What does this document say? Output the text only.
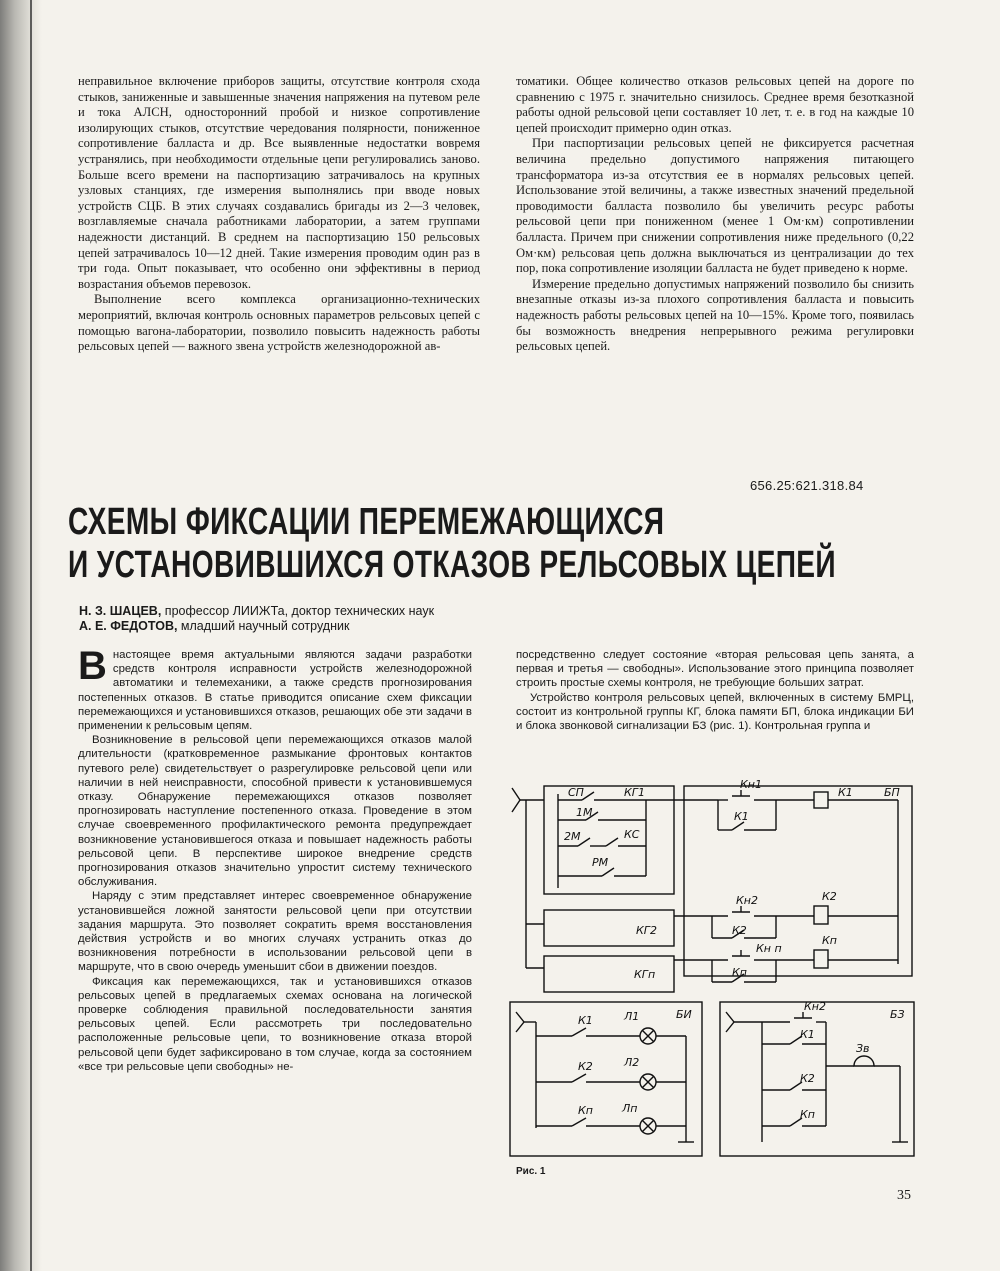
неправильное включение приборов защиты, отсутствие контроля схода стыков, заниженные и завышенные значения напряжения на путевом реле и тока АЛСН, односторонний пробой и низкое сопротивление изолирующих стыков, отсутствие чередования полярности, пониженное сопротивление балласта и др. Все выявленные недостатки вовремя устранялись, при необходимости отдельные цепи регулировались заново. Больше всего времени на паспортизацию затрачивалось на крупных узловых станциях, где измерения выполнялись при вводе новых устройств СЦБ. В этих случаях создавались бригады из 2—3 человек, возглавляемые сначала работниками лаборатории, а затем группами надежности дистанций. В среднем на паспортизацию 150 рельсовых цепей затрачивалось 10—12 дней. Такие измерения проводим один раз в три года. Опыт показывает, что особенно они эффективны в период возрастания объемов перевозок.

Выполнение всего комплекса организационно-технических мероприятий, включая контроль основных параметров рельсовых цепей с помощью вагона-лаборатории, позволило повысить надежность работы рельсовых цепей — важного звена устройств железнодорожной ав-

томатики. Общее количество отказов рельсовых цепей на дороге по сравнению с 1975 г. значительно снизилось. Среднее время безотказной работы одной рельсовой цепи составляет 10 лет, т. е. в год на каждые 10 цепей происходит примерно один отказ.

При паспортизации рельсовых цепей не фиксируется расчетная величина предельно допустимого напряжения питающего трансформатора из-за отсутствия ее в нормалях рельсовых цепей. Использование этой величины, а также известных значений предельной проводимости балласта позволило бы увеличить ресурс работы рельсовой цепи при пониженном (менее 1 Ом·км) сопротивлении балласта. Причем при снижении сопротивления ниже предельного (0,22 Ом·км) рельсовая цепь должна выключаться из централизации до тех пор, пока сопротивление изоляции балласта не будет приведено к норме.

Измерение предельно допустимых напряжений позволило бы снизить внезапные отказы из-за плохого сопротивления балласта и повысить надежность работы рельсовых цепей на 10—15%. Кроме того, появилась бы возможность внедрения непрерывного режима регулировки рельсовых цепей.

656.25:621.318.84
СХЕМЫ ФИКСАЦИИ ПЕРЕМЕЖАЮЩИХСЯ
И УСТАНОВИВШИХСЯ ОТКАЗОВ РЕЛЬСОВЫХ ЦЕПЕЙ
Н. З. ШАЦЕВ, профессор ЛИИЖТа, доктор технических наук
А. Е. ФЕДОТОВ, младший научный сотрудник

Внастоящее время актуальными являются задачи разработки средств контроля исправности устройств железнодорожной автоматики и телемеханики, а также средств прогнозирования постепенных отказов. В статье приводится описание схем фиксации перемежающихся и установившихся отказов, решающих обе эти задачи в применении к рельсовым цепям.

Возникновение в рельсовой цепи перемежающихся отказов малой длительности (кратковременное размыкание фронтовых контактов путевого реле) свидетельствует о разрегулировке рельсовой цепи или наличии в ней неисправности, способной привести к установившемуся отказу. Обнаружение перемежающихся отказов позволяет прогнозировать наступление постепенного отказа. Проведение в этом случае своевременного профилактического ремонта предупреждает возникновение установившегося отказа и повышает надежность работы рельсовой цепи. В перспективе широкое внедрение средств прогнозирования отказов значительно упростит систему технического обслуживания.

Наряду с этим представляет интерес своевременное обнаружение установившейся ложной занятости рельсовой цепи при отсутствии задания маршрута. Это позволяет сократить время восстановления действия устройств и во многих случаях устранить отказ до возникновения потребности в использовании рельсовой цепи в маршруте, что в свою очередь уменьшит сбои в движении поездов.

Фиксация как перемежающихся, так и установившихся отказов рельсовых цепей в предлагаемых схемах основана на логической проверке соблюдения правильной последовательности занятия рельсовых цепей. Если рассмотреть три последовательно расположенные рельсовые цепи, то возникновение отказа второй рельсовой цепи будет зафиксировано в том случае, когда за состоянием «все три рельсовые цепи свободны» не-

посредственно следует состояние «вторая рельсовая цепь занята, а первая и третья — свободны». Использование этого принципа позволяет строить простые схемы контроля, не требующие больших затрат.

Устройство контроля рельсовых цепей, включенных в систему БМРЦ, состоит из контрольной группы КГ, блока памяти БП, блока индикации БИ и блока звонковой сигнализации БЗ (рис. 1). Контрольная группа и

СП	КГ1
1М
2М	КС
РМ
Кн1
К1
К1	БП
КГ2
Кн2
К2
К2
КГп
Кн п
Кп
Кп
БИ
К1	Л1
К2	Л2
Кп	Лп
БЗ
Кн2
К1
Зв
К2
Кп
Рис. 1
35
